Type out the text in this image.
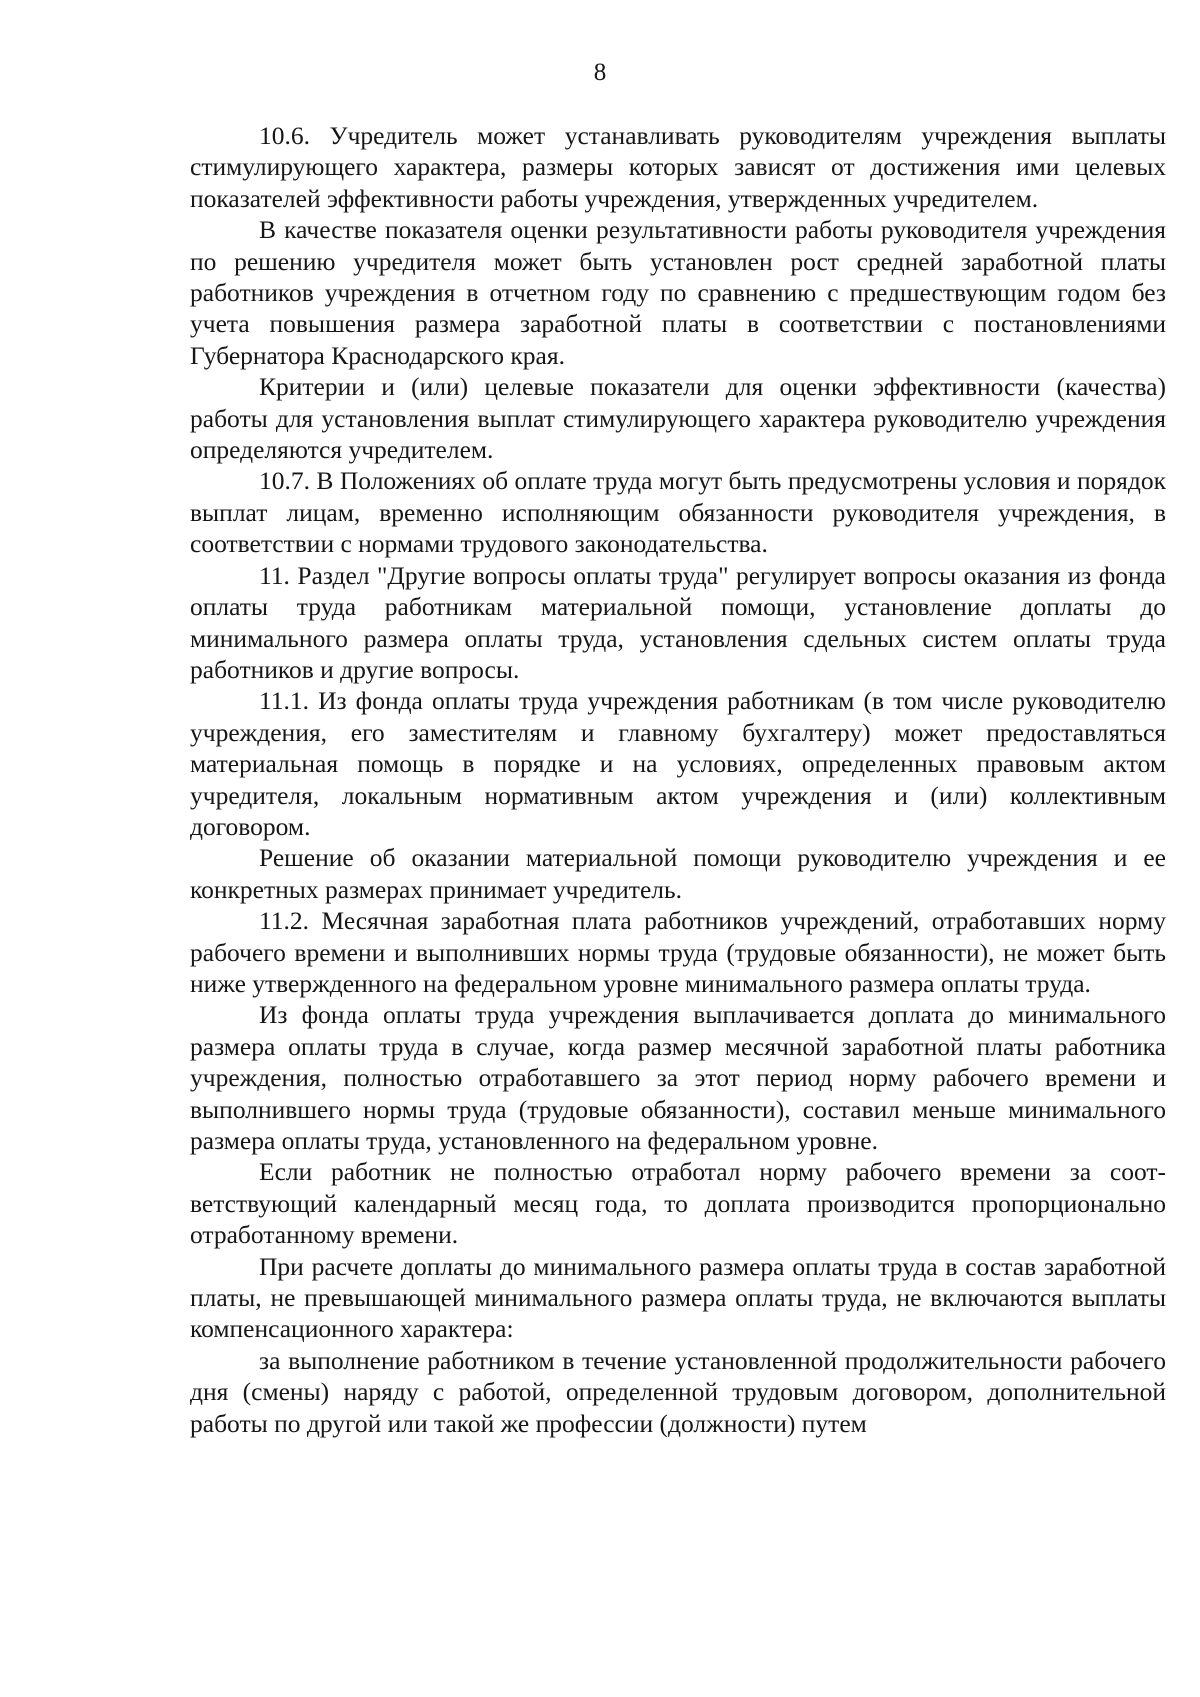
8

10.6. Учредитель может устанавливать руководителям учреждения выплаты стимулирующего характера, размеры которых зависят от достижения ими целевых показателей эффективности работы учреждения, утвержденных учредителем.

В качестве показателя оценки результативности работы руководителя учреждения по решению учредителя может быть установлен рост средней заработной платы работников учреждения в отчетном году по сравнению с предшествующим годом без учета повышения размера заработной платы в соответствии с постановлениями Губернатора Краснодарского края.

Критерии и (или) целевые показатели для оценки эффективности (качества) работы для установления выплат стимулирующего характера руководителю учреждения определяются учредителем.

10.7. В Положениях об оплате труда могут быть предусмотрены условия и порядок выплат лицам, временно исполняющим обязанности руководителя учреждения, в соответствии с нормами трудового законодательства.

11. Раздел "Другие вопросы оплаты труда" регулирует вопросы оказания из фонда оплаты труда работникам материальной помощи, установление доплаты до минимального размера оплаты труда, установления сдельных систем оплаты труда работников и другие вопросы.

11.1. Из фонда оплаты труда учреждения работникам (в том числе руководителю учреждения, его заместителям и главному бухгалтеру) может предоставляться материальная помощь в порядке и на условиях, определенных правовым актом учредителя, локальным нормативным актом учреждения и (или) коллективным договором.

Решение об оказании материальной помощи руководителю учреждения и ее конкретных размерах принимает учредитель.

11.2. Месячная заработная плата работников учреждений, отработавших норму рабочего времени и выполнивших нормы труда (трудовые обязанности), не может быть ниже утвержденного на федеральном уровне минимального размера оплаты труда.

Из фонда оплаты труда учреждения выплачивается доплата до минимального размера оплаты труда в случае, когда размер месячной заработной платы работника учреждения, полностью отработавшего за этот период норму рабочего времени и выполнившего нормы труда (трудовые обязанности), составил меньше минимального размера оплаты труда, установленного на федеральном уровне.

Если работник не полностью отработал норму рабочего времени за соответствующий календарный месяц года, то доплата производится пропорционально отработанному времени.

При расчете доплаты до минимального размера оплаты труда в состав заработной платы, не превышающей минимального размера оплаты труда, не включаются выплаты компенсационного характера:

за выполнение работником в течение установленной продолжительности рабочего дня (смены) наряду с работой, определенной трудовым договором, дополнительной работы по другой или такой же профессии (должности) путем
